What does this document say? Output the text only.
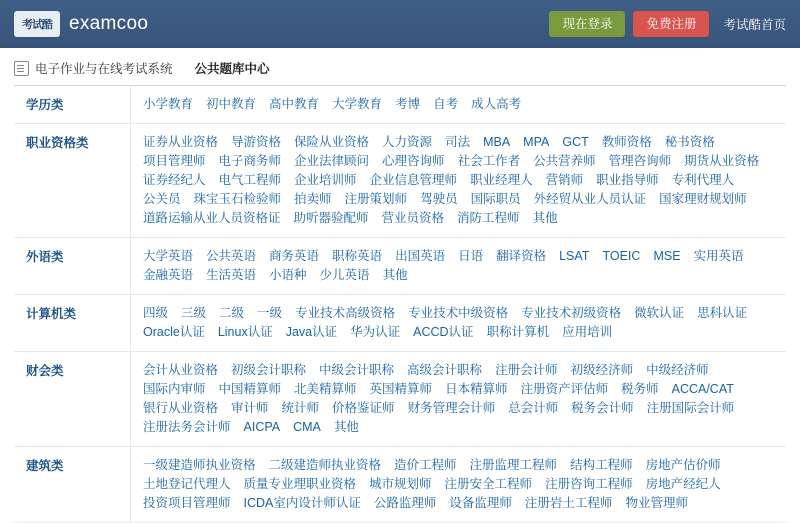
考试酷 examcoo	现在登录	免费注册	考试酷首页
电子作业与在线考试系统 公共题库中心
学历类	小学教育 初中教育 高中教育 大学教育 考博 自考 成人高考
职业资格类	证券从业资格 导游资格 保险从业资格 人力资源 司法 MBA MPA GCT 教师资格 秘书资格项目管理师 电子商务师 企业法律顾问 心理咨询师 社会工作者 公共营养师 管理咨询师 期货从业资格证券经纪人 电气工程师 企业培训师 企业信息管理师 职业经理人 营销师 职业指导师 专利代理人公关员 珠宝玉石检验师 拍卖师 注册策划师 驾驶员 国际职员 外经贸从业人员认证 国家理财规划师道路运输从业人员资格证 助听器验配师 营业员资格 消防工程师 其他
外语类	大学英语 公共英语 商务英语 职称英语 出国英语 日语 翻译资格 LSAT TOEIC MSE 实用英语金融英语 生活英语 小语种 少儿英语 其他
计算机类	四级 三级 二级 一级 专业技术高级资格 专业技术中级资格 专业技术初级资格 微软认证 思科认证Oracle认证 Linux认证 Java认证 华为认证 ACCD认证 职称计算机 应用培训
财会类	会计从业资格 初级会计职称 中级会计职称 高级会计职称 注册会计师 初级经济师 中级经济师国际内审师 中国精算师 北美精算师 英国精算师 日本精算师 注册资产评估师 税务师 ACCA/CAT银行从业资格 审计师 统计师 价格鉴证师 财务管理会计师 总会计师 税务会计师 注册国际会计师注册法务会计师 AICPA CMA 其他
建筑类	一级建造师执业资格 二级建造师执业资格 造价工程师 注册监理工程师 结构工程师 房地产估价师土地登记代理人 质量专业理职业资格 城市规划师 注册安全工程师 注册咨询工程师 房地产经纪人投资项目管理师 ICDA室内设计师认证 公路监理师 设备监理师 注册岩土工程师 物业管理师
